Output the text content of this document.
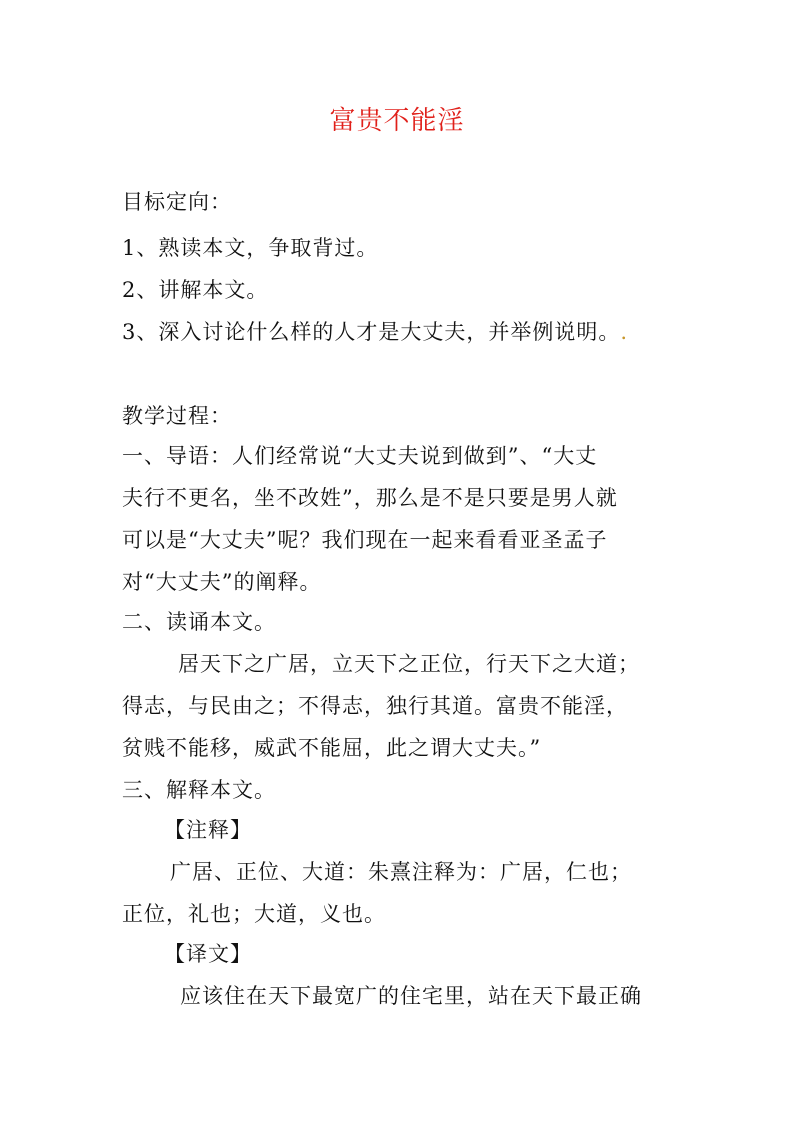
富贵不能淫
目标定向：
1、熟读本文，争取背过。
2、讲解本文。
3、深入讨论什么样的人才是大丈夫，并举例说明。.
教学过程：
一、导语：人们经常说“大丈夫说到做到”、“大丈
夫行不更名，坐不改姓”，那么是不是只要是男人就
可以是“大丈夫”呢？我们现在一起来看看亚圣孟子
对“大丈夫”的阐释。
二、读诵本文。
居天下之广居，立天下之正位，行天下之大道；
得志，与民由之；不得志，独行其道。富贵不能淫，
贫贱不能移，威武不能屈，此之谓大丈夫。”
三、解释本文。
【注释】
广居、正位、大道：朱熹注释为：广居，仁也；
正位，礼也；大道，义也。
【译文】
应该住在天下最宽广的住宅里，站在天下最正确
